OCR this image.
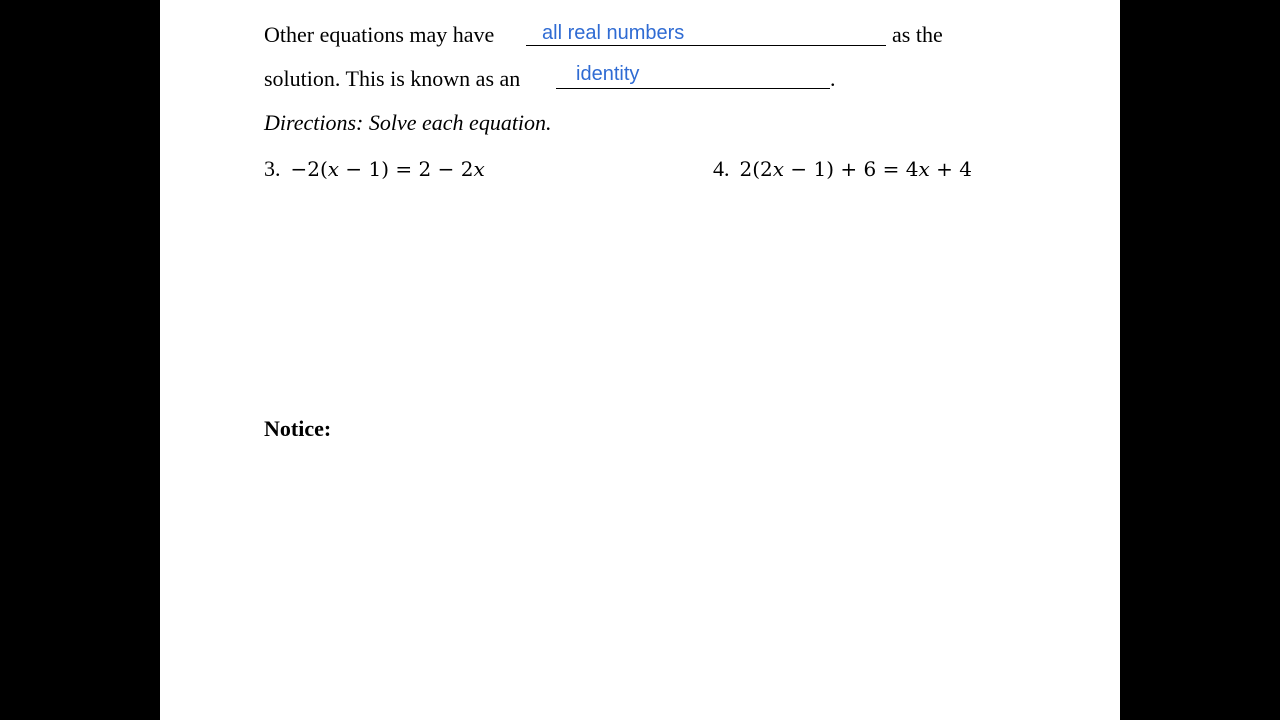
Other equations may have all real numbers	as the
solution. This is known as an	identity	.
Directions: Solve each equation.
3. −2(x − 1) = 2 − 2x	4. 2(2x − 1) + 6 = 4x + 4
Notice:
